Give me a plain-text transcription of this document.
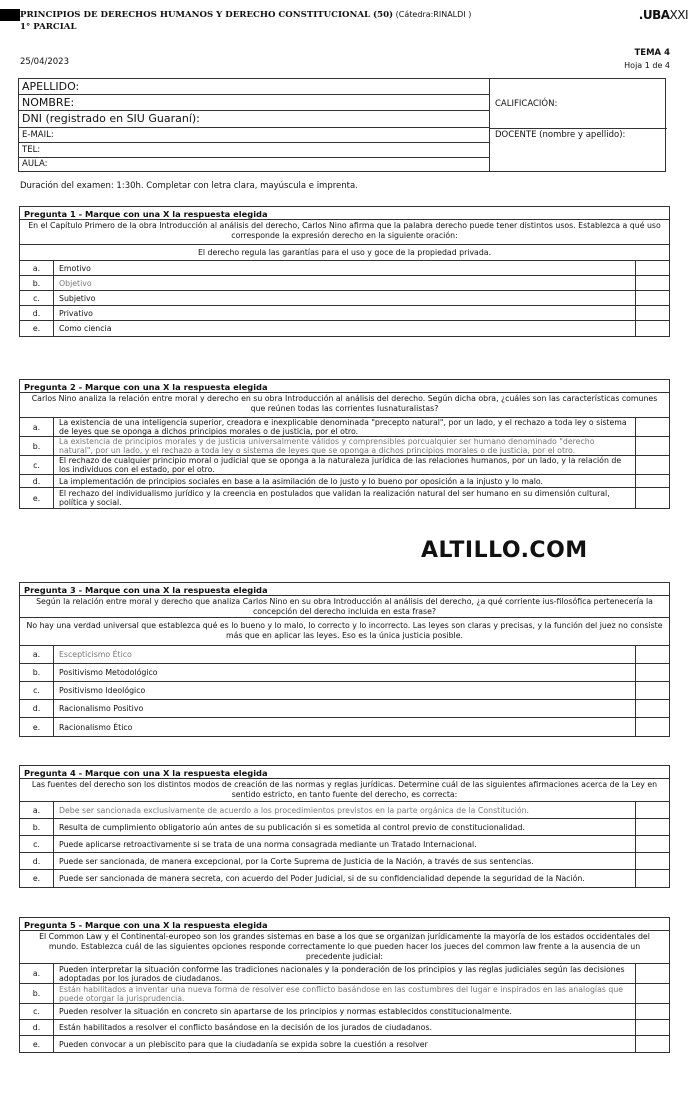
PRINCIPIOS DE DERECHOS HUMANOS Y DERECHO CONSTITUCIONAL (50) (Cátedra:RINALDI )
1° PARCIAL
.UBAXXI
25/04/2023
TEMA 4
Hoja 1 de 4
APELLIDO:
NOMBRE:
DNI (registrado en SIU Guaraní):
E-MAIL:
TEL:
AULA:
CALIFICACIÓN:
DOCENTE (nombre y apellido):
Duración del examen: 1:30h. Completar con letra clara, mayúscula e imprenta.
Pregunta 1 - Marque con una X la respuesta elegida
En el Capítulo Primero de la obra Introducción al análisis del derecho, Carlos Nino afirma que la palabra derecho puede tener distintos usos. Establezca a qué uso corresponde la expresión derecho en la siguiente oración:
El derecho regula las garantías para el uso y goce de la propiedad privada.
a.	Emotivo
b.	Objetivo
c.	Subjetivo
d.	Privativo
e.	Como ciencia
Pregunta 2 - Marque con una X la respuesta elegida
Carlos Nino analiza la relación entre moral y derecho en su obra Introducción al análisis del derecho. Según dicha obra, ¿cuáles son las características comunes que reúnen todas las corrientes Iusnaturalistas?
a.	La existencia de una inteligencia superior, creadora e inexplicable denominada "precepto natural", por un lado, y el rechazo a toda ley o sistema de leyes que se oponga a dichos principios morales o de justicia, por el otro.
b.	La existencia de principios morales y de justicia universalmente válidos y comprensibles porcualquier ser humano denominado "derecho natural", por un lado, y el rechazo a toda ley o sistema de leyes que se oponga a dichos principios morales o de justicia, por el otro.
c.	El rechazo de cualquier principio moral o judicial que se oponga a la naturaleza jurídica de las relaciones humanos, por un lado, y la relación de los individuos con el estado, por el otro.
d.	La implementación de principios sociales en base a la asimilación de lo justo y lo bueno por oposición a la injusto y lo malo.
e.	El rechazo del individualismo jurídico y la creencia en postulados que validan la realización natural del ser humano en su dimensión cultural, política y social.
Pregunta 3 - Marque con una X la respuesta elegida
Según la relación entre moral y derecho que analiza Carlos Nino en su obra Introducción al análisis del derecho, ¿a qué corriente ius-filosófica pertenecería la concepción del derecho incluida en esta frase?
No hay una verdad universal que establezca qué es lo bueno y lo malo, lo correcto y lo incorrecto. Las leyes son claras y precisas, y la función del juez no consiste más que en aplicar las leyes. Eso es la única justicia posible.
a.	Escepticismo Ético
b.	Positivismo Metodológico
c.	Positivismo Ideológico
d.	Racionalismo Positivo
e.	Racionalismo Ético
Pregunta 4 - Marque con una X la respuesta elegida
Las fuentes del derecho son los distintos modos de creación de las normas y reglas jurídicas. Determine cuál de las siguientes afirmaciones acerca de la Ley en sentido estricto, en tanto fuente del derecho, es correcta:
a.	Debe ser sancionada exclusivamente de acuerdo a los procedimientos previstos en la parte orgánica de la Constitución.
b.	Resulta de cumplimiento obligatorio aún antes de su publicación si es sometida al control previo de constitucionalidad.
c.	Puede aplicarse retroactivamente si se trata de una norma consagrada mediante un Tratado Internacional.
d.	Puede ser sancionada, de manera excepcional, por la Corte Suprema de Justicia de la Nación, a través de sus sentencias.
e.	Puede ser sancionada de manera secreta, con acuerdo del Poder Judicial, si de su confidencialidad depende la seguridad de la Nación.
Pregunta 5 - Marque con una X la respuesta elegida
El Common Law y el Continental-europeo son los grandes sistemas en base a los que se organizan jurídicamente la mayoría de los estados occidentales del mundo. Establezca cuál de las siguientes opciones responde correctamente lo que pueden hacer los jueces del common law frente a la ausencia de un precedente judicial:
a.	Pueden interpretar la situación conforme las tradiciones nacionales y la ponderación de los principios y las reglas judiciales según las decisiones adoptadas por los jurados de ciudadanos.
b.	Están habilitados a inventar una nueva forma de resolver ese conflicto basándose en las costumbres del lugar e inspirados en las analogías que puede otorgar la jurisprudencia.
c.	Pueden resolver la situación en concreto sin apartarse de los principios y normas establecidos constitucionalmente.
d.	Están habilitados a resolver el conflicto basándose en la decisión de los jurados de ciudadanos.
e.	Pueden convocar a un plebiscito para que la ciudadanía se expida sobre la cuestión a resolver
ALTILLO.COM
